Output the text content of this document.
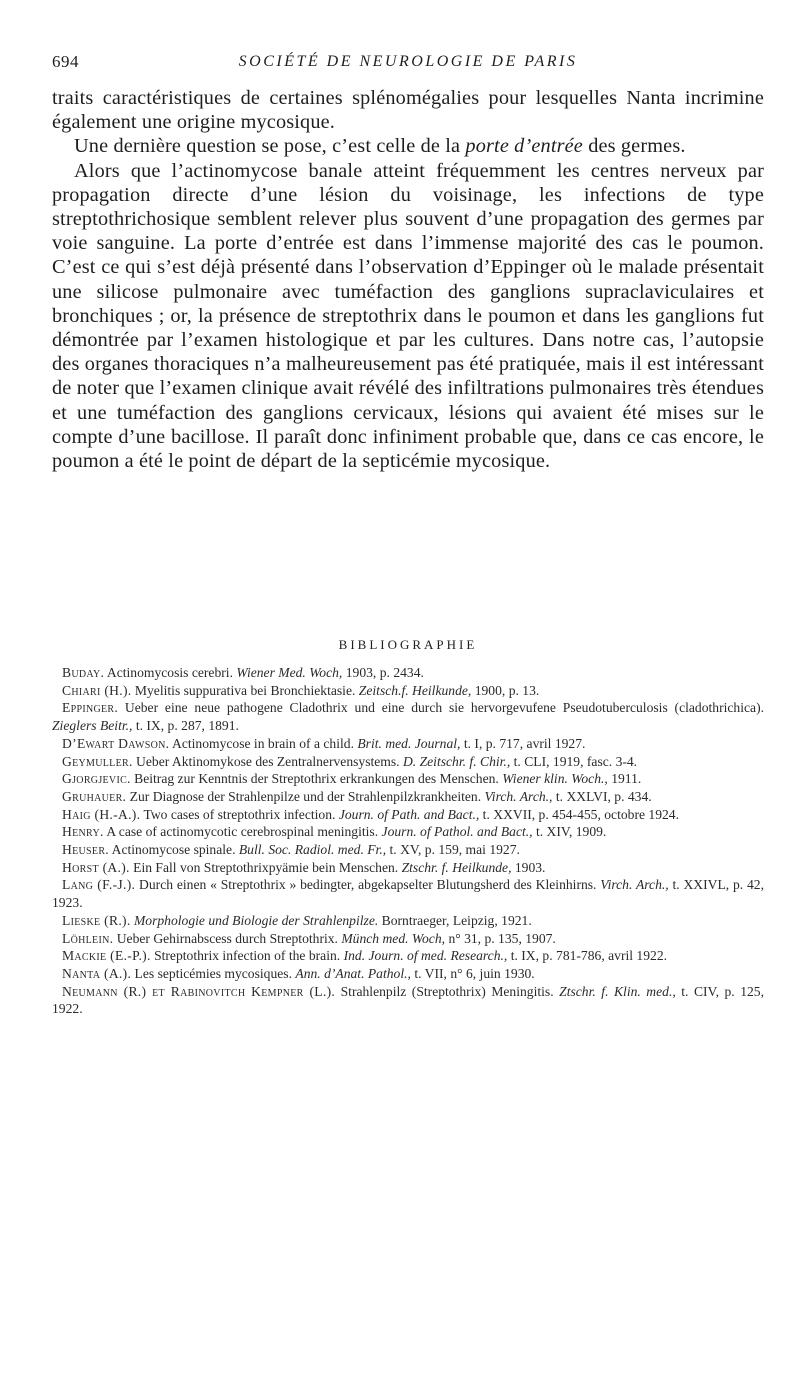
694	SOCIÉTÉ DE NEUROLOGIE DE PARIS

traits caractéristiques de certaines splénomégalies pour lesquelles Nanta incrimine également une origine mycosique.

Une dernière question se pose, c’est celle de la porte d’entrée des germes.

Alors que l’actinomycose banale atteint fréquemment les centres nerveux par propagation directe d’une lésion du voisinage, les infections de type streptothrichosique semblent relever plus souvent d’une propagation des germes par voie sanguine. La porte d’entrée est dans l’immense majorité des cas le poumon. C’est ce qui s’est déjà présenté dans l’observation d’Eppinger où le malade présentait une silicose pulmonaire avec tuméfaction des ganglions supraclaviculaires et bronchiques ; or, la présence de streptothrix dans le poumon et dans les ganglions fut démontrée par l’examen histologique et par les cultures. Dans notre cas, l’autopsie des organes thoraciques n’a malheureusement pas été pratiquée, mais il est intéressant de noter que l’examen clinique avait révélé des infiltrations pulmonaires très étendues et une tuméfaction des ganglions cervicaux, lésions qui avaient été mises sur le compte d’une bacillose. Il paraît donc infiniment probable que, dans ce cas encore, le poumon a été le point de départ de la septicémie mycosique.

BIBLIOGRAPHIE
Buday. Actinomycosis cerebri. Wiener Med. Woch, 1903, p. 2434.
Chiari (H.). Myelitis suppurativa bei Bronchiektasie. Zeitsch.f. Heilkunde, 1900, p. 13.
Eppinger. Ueber eine neue pathogene Cladothrix und eine durch sie hervorgevufene Pseudotuberculosis (cladothrichica). Zieglers Beitr., t. IX, p. 287, 1891.
D’Ewart Dawson. Actinomycose in brain of a child. Brit. med. Journal, t. I, p. 717, avril 1927.
Geymuller. Ueber Aktinomykose des Zentralnervensystems. D. Zeitschr. f. Chir., t. CLI, 1919, fasc. 3-4.
Gjorgjevic. Beitrag zur Kenntnis der Streptothrix erkrankungen des Menschen. Wiener klin. Woch., 1911.
Gruhauer. Zur Diagnose der Strahlenpilze und der Strahlenpilzkrankheiten. Virch. Arch., t. XXLVI, p. 434.
Haig (H.-A.). Two cases of streptothrix infection. Journ. of Path. and Bact., t. XXVII, p. 454-455, octobre 1924.
Henry. A case of actinomycotic cerebrospinal meningitis. Journ. of Pathol. and Bact., t. XIV, 1909.
Heuser. Actinomycose spinale. Bull. Soc. Radiol. med. Fr., t. XV, p. 159, mai 1927.
Horst (A.). Ein Fall von Streptothrixpyämie bein Menschen. Ztschr. f. Heilkunde, 1903.
Lang (F.-J.). Durch einen « Streptothrix » bedingter, abgekapselter Blutungsherd des Kleinhirns. Virch. Arch., t. XXIVL, p. 42, 1923.
Lieske (R.). Morphologie und Biologie der Strahlenpilze. Borntraeger, Leipzig, 1921.
Löhlein. Ueber Gehirnabscess durch Streptothrix. Münch med. Woch, n° 31, p. 135, 1907.
Mackie (E.-P.). Streptothrix infection of the brain. Ind. Journ. of med. Research., t. IX, p. 781-786, avril 1922.
Nanta (A.). Les septicémies mycosiques. Ann. d’Anat. Pathol., t. VII, n° 6, juin 1930.
Neumann (R.) et Rabinovitch Kempner (L.). Strahlenpilz (Streptothrix) Meningitis. Ztschr. f. Klin. med., t. CIV, p. 125, 1922.
